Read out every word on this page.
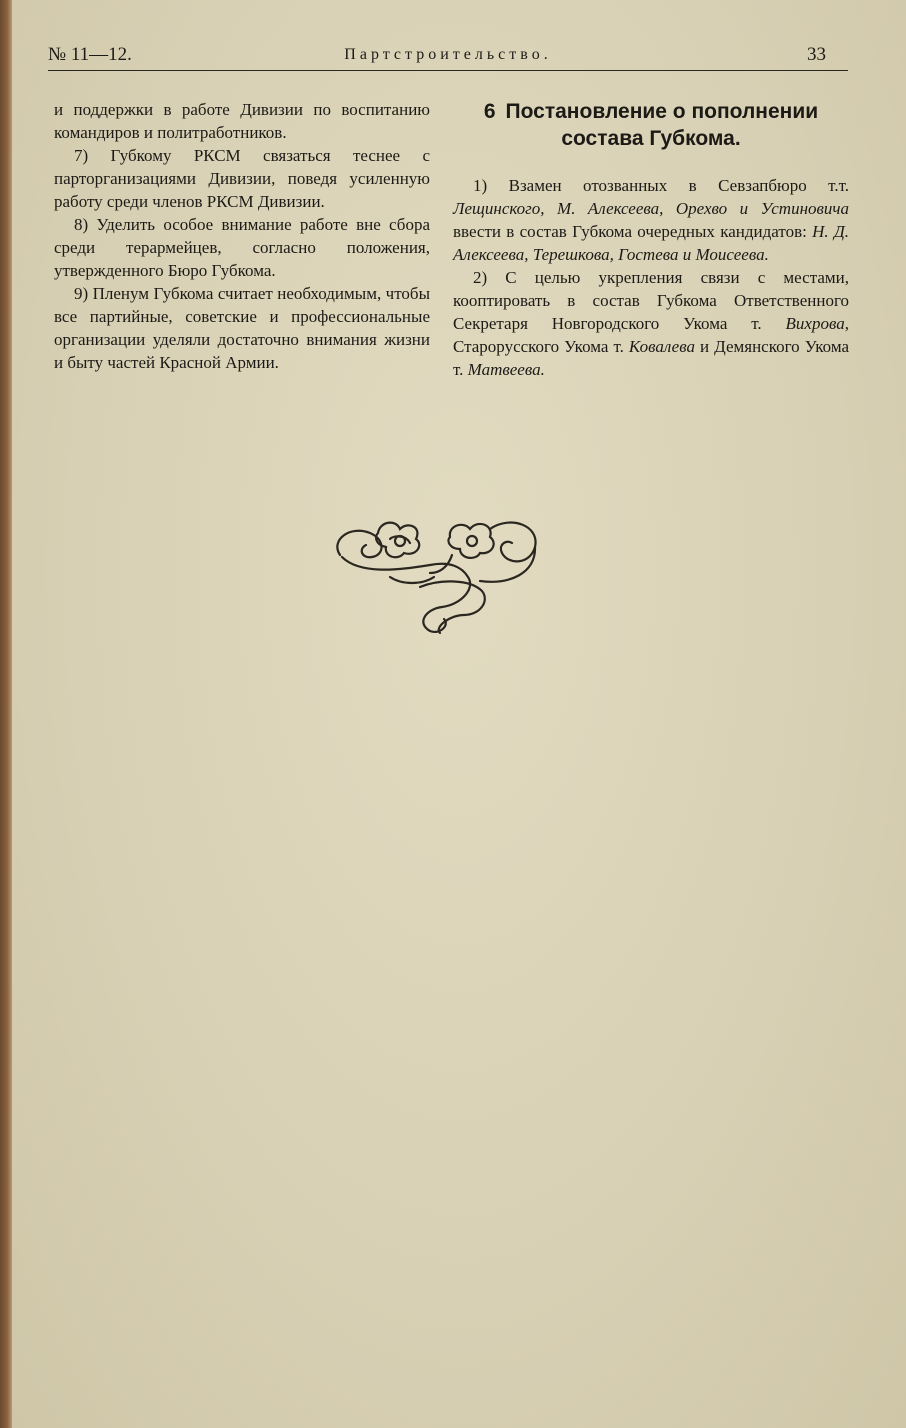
№ 11—12.	Партстроительство.	33

и поддержки в работе Дивизии по воспитанию командиров и политработников.

7) Губкому РКСМ связаться теснее с парторганизациями Дивизии, поведя усиленную работу среди членов РКСМ Дивизии.

8) Уделить особое внимание работе вне сбора среди терармейцев, согласно положения, утвержденного Бюро Губкома.

9) Пленум Губкома считает необходимым, чтобы все партийные, советские и профессиональные организации уделяли достаточно внимания жизни и быту частей Красной Армии.

6 Постановление о пополнении состава Губкома.

1) Взамен отозванных в Севзапбюро т.т. Лещинского, М. Алексеева, Орехво и Устиновича ввести в состав Губкома очередных кандидатов: Н. Д. Алексеева, Терешкова, Гостева и Моисеева.

2) С целью укрепления связи с местами, кооптировать в состав Губкома Ответственного Секретаря Новгородского Укома т. Вихрова, Старорусского Укома т. Ковалева и Демянского Укома т. Матвеева.
